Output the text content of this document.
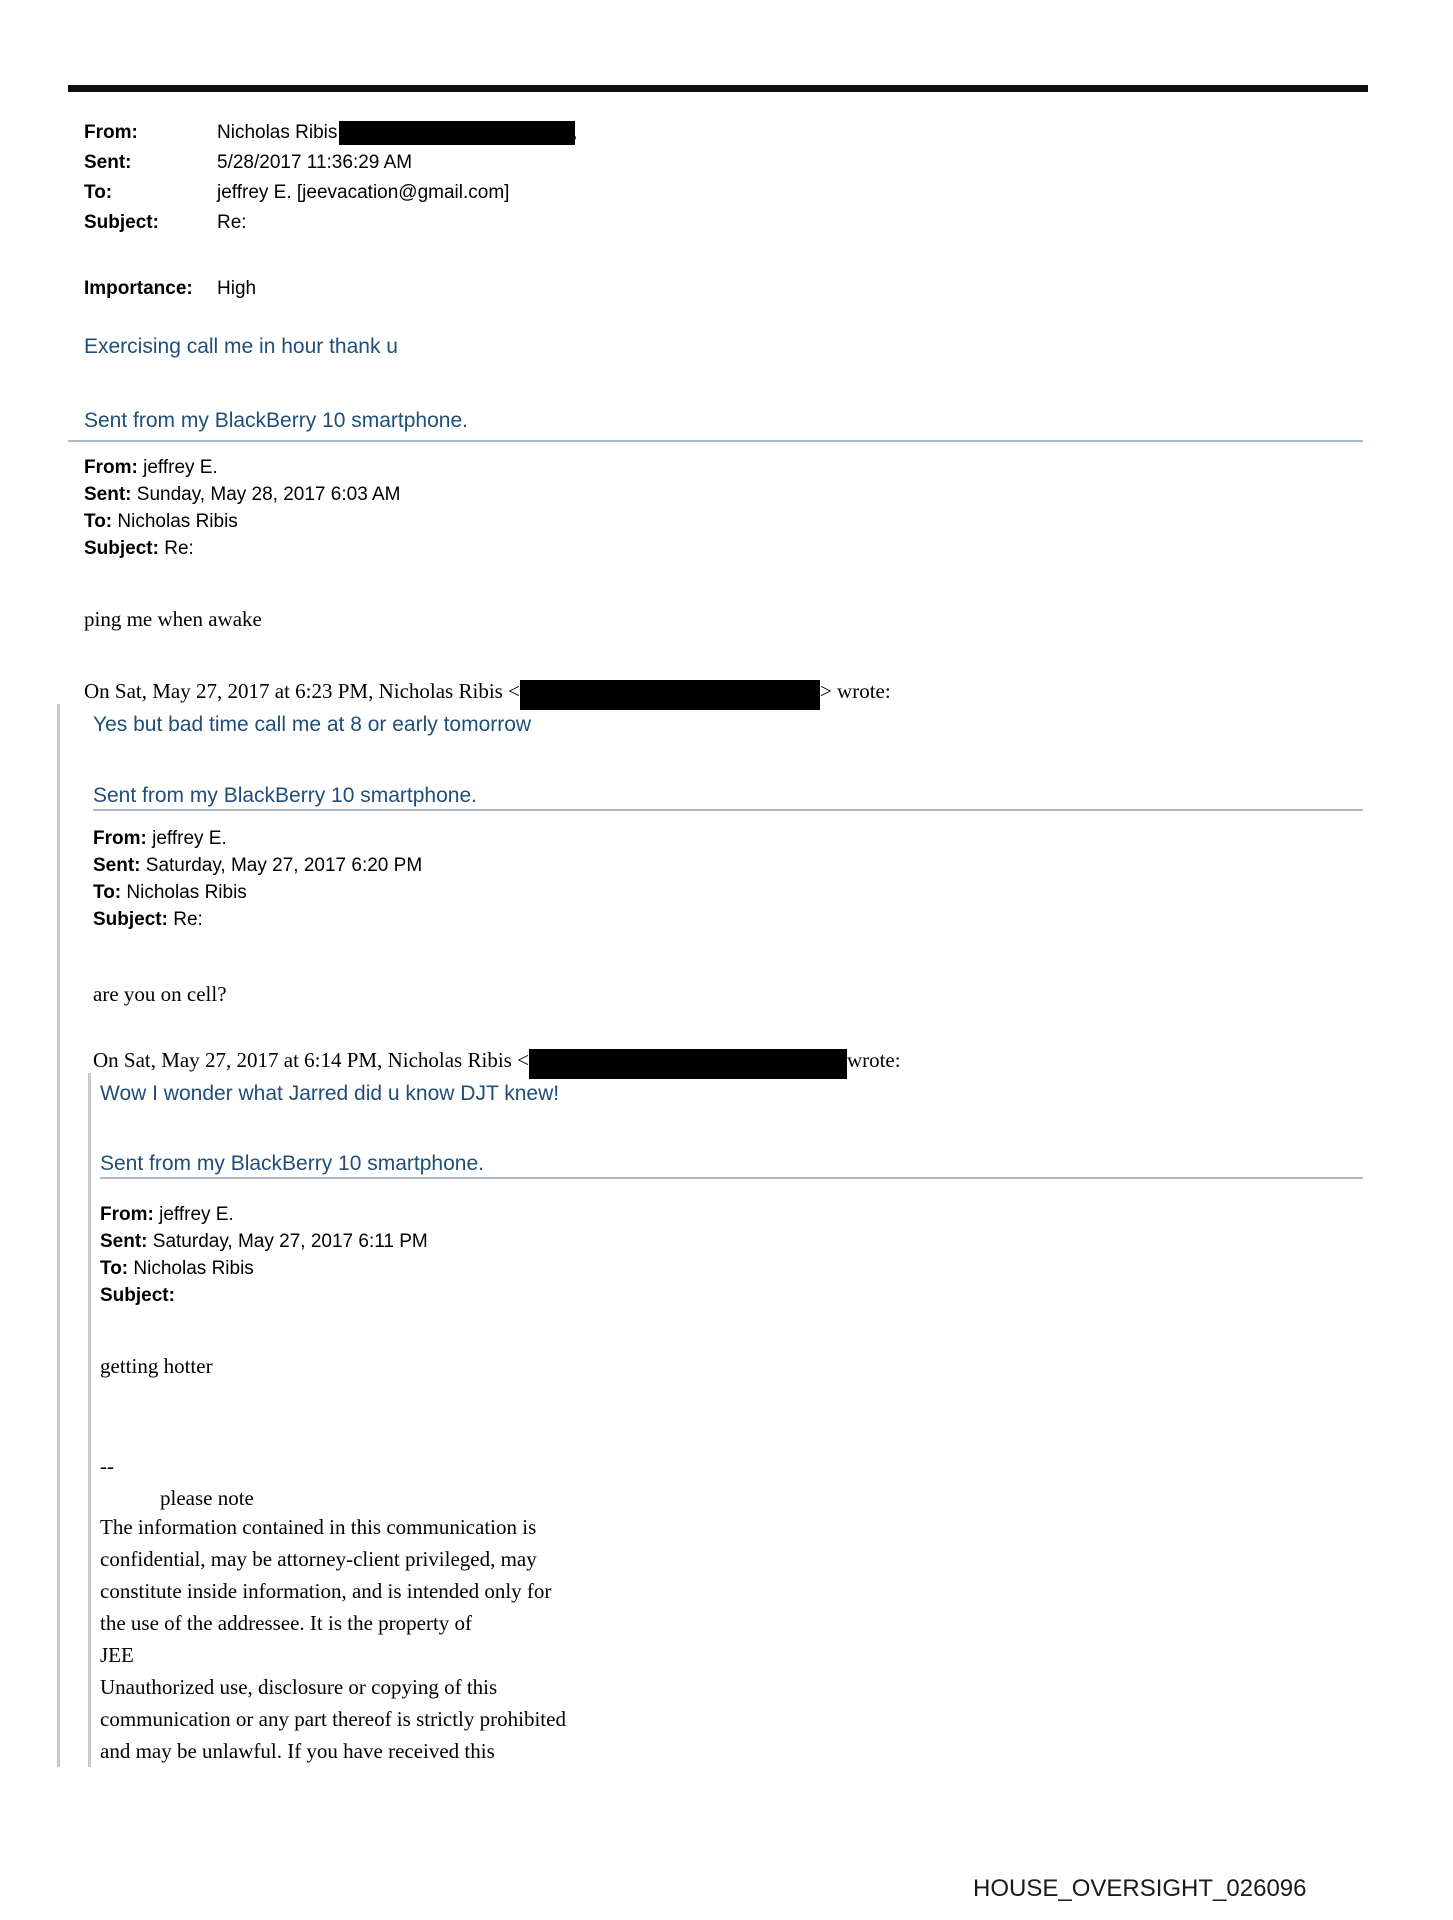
From:	Nicholas Ribis	,
Sent:	5/28/2017 11:36:29 AM
To:	jeffrey E. [jeevacation@gmail.com]
Subject:	Re:
Importance:	High
Exercising call me in hour thank u
Sent from my BlackBerry 10 smartphone.
From: jeffrey E.
Sent: Sunday, May 28, 2017 6:03 AM
To: Nicholas Ribis
Subject: Re:
ping me when awake
On Sat, May 27, 2017 at 6:23 PM, Nicholas Ribis <	> wrote:
Yes but bad time call me at 8 or early tomorrow
Sent from my BlackBerry 10 smartphone.
From: jeffrey E.
Sent: Saturday, May 27, 2017 6:20 PM
To: Nicholas Ribis
Subject: Re:
are you on cell?
On Sat, May 27, 2017 at 6:14 PM, Nicholas Ribis <	wrote:
Wow I wonder what Jarred did u know DJT knew!
Sent from my BlackBerry 10 smartphone.
From: jeffrey E.
Sent: Saturday, May 27, 2017 6:11 PM
To: Nicholas Ribis
Subject:
getting hotter
--
please note
The information contained in this communication is
confidential, may be attorney-client privileged, may
constitute inside information, and is intended only for
the use of the addressee. It is the property of
JEE
Unauthorized use, disclosure or copying of this
communication or any part thereof is strictly prohibited
and may be unlawful. If you have received this
HOUSE_OVERSIGHT_026096
